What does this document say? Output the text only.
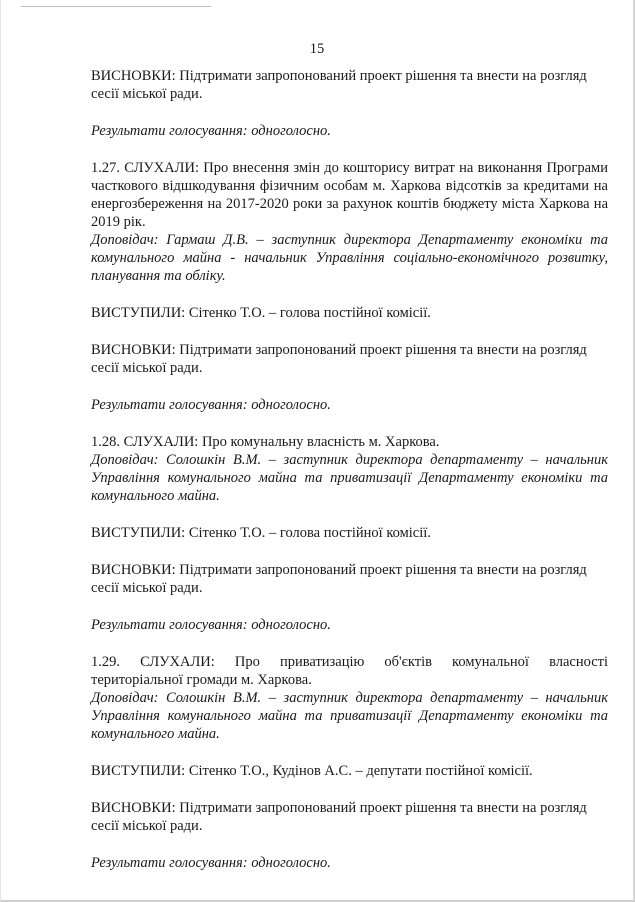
15

ВИСНОВКИ: Підтримати запропонований проект рішення та внести на розгляд
сесії міської ради.

Результати голосування: одноголосно.

1.27. СЛУХАЛИ: Про внесення змін до кошторису витрат на виконання Програми часткового відшкодування фізичним особам м. Харкова відсотків за кредитами на енергозбереження на 2017-2020 роки за рахунок коштів бюджету міста Харкова на 2019 рік.

Доповідач: Гармаш Д.В. – заступник директора Департаменту економіки та комунального майна - начальник Управління соціально-економічного розвитку, планування та обліку.

ВИСТУПИЛИ: Сітенко Т.О. – голова постійної комісії.

ВИСНОВКИ: Підтримати запропонований проект рішення та внести на розгляд
сесії міської ради.

Результати голосування: одноголосно.

1.28. СЛУХАЛИ: Про комунальну власність м. Харкова.

Доповідач: Солошкін В.М. – заступник директора департаменту – начальник Управління комунального майна та приватизації Департаменту економіки та комунального майна.

ВИСТУПИЛИ: Сітенко Т.О. – голова постійної комісії.

ВИСНОВКИ: Підтримати запропонований проект рішення та внести на розгляд
сесії міської ради.

Результати голосування: одноголосно.

1.29. СЛУХАЛИ: Про приватизацію об'єктів комунальної власності

територіальної громади м. Харкова.

Доповідач: Солошкін В.М. – заступник директора департаменту – начальник Управління комунального майна та приватизації Департаменту економіки та комунального майна.

ВИСТУПИЛИ: Сітенко Т.О., Кудінов А.С. – депутати постійної комісії.

ВИСНОВКИ: Підтримати запропонований проект рішення та внести на розгляд
сесії міської ради.

Результати голосування: одноголосно.
